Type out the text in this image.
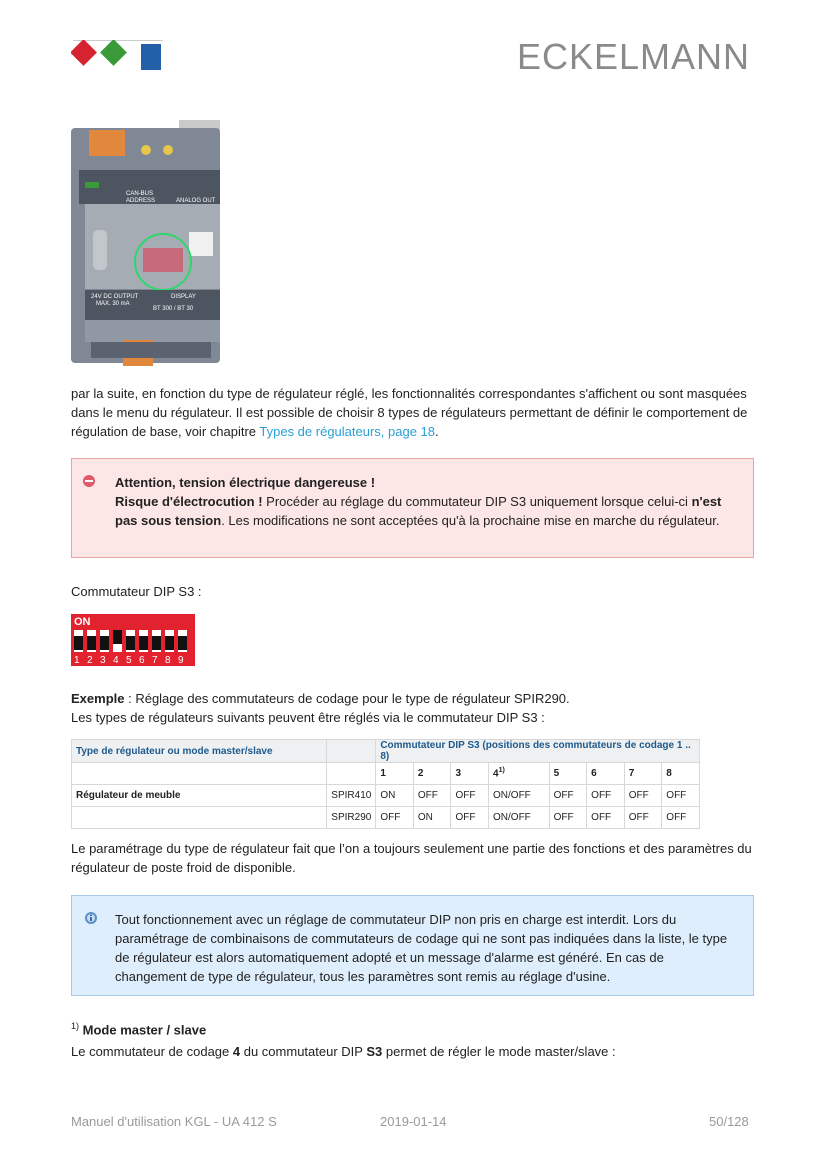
ECKELMANN
CAN-BUS
ADDRESS	ANALOG OUT
24V DC OUTPUT
MAX. 30 mA
DISPLAY
BT 300 / BT 30
par la suite, en fonction du type de régulateur réglé, les fonctionnalités correspondantes s'affichent ou sont masquées dans le menu du régulateur. Il est possible de choisir 8 types de régulateurs permettant de définir le comportement de régulation de base, voir chapitre Types de régulateurs, page 18.
Attention, tension électrique dangereuse !
Risque d'électrocution ! Procéder au réglage du commutateur DIP S3 uniquement lorsque celui-ci n'est pas sous tension. Les modifications ne sont acceptées qu'à la prochaine mise en marche du régulateur.
Commutateur DIP S3 :
ON
1 2 3 4 5 6 7 8 9
Exemple : Réglage des commutateurs de codage pour le type de régulateur SPIR290.
Les types de régulateurs suivants peuvent être réglés via le commutateur DIP S3 :
Type de régulateur ou mode master/slave		Commutateur DIP S3 (positions des commutateurs de codage 1 .. 8)							
		1	2	3	4$^{1)}$	5	6	7	8
Régulateur de meuble	SPIR410	ON	OFF	OFF	ON/OFF	OFF	OFF	OFF	OFF
	SPIR290	OFF	ON	OFF	ON/OFF	OFF	OFF	OFF	OFF
Le paramétrage du type de régulateur fait que l’on a toujours seulement une partie des fonctions et des paramètres du régulateur de poste froid de disponible.
Tout fonctionnement avec un réglage de commutateur DIP non pris en charge est interdit. Lors du paramétrage de combinaisons de commutateurs de codage qui ne sont pas indiquées dans la liste, le type de régulateur est alors automatiquement adopté et un message d'alarme est généré. En cas de changement de type de régulateur, tous les paramètres sont remis au réglage d'usine.
$^{1)}$ Mode master / slave
Le commutateur de codage 4 du commutateur DIP S3 permet de régler le mode master/slave :
Manuel d'utilisation KGL - UA 412 S	2019-01-14	50/128
